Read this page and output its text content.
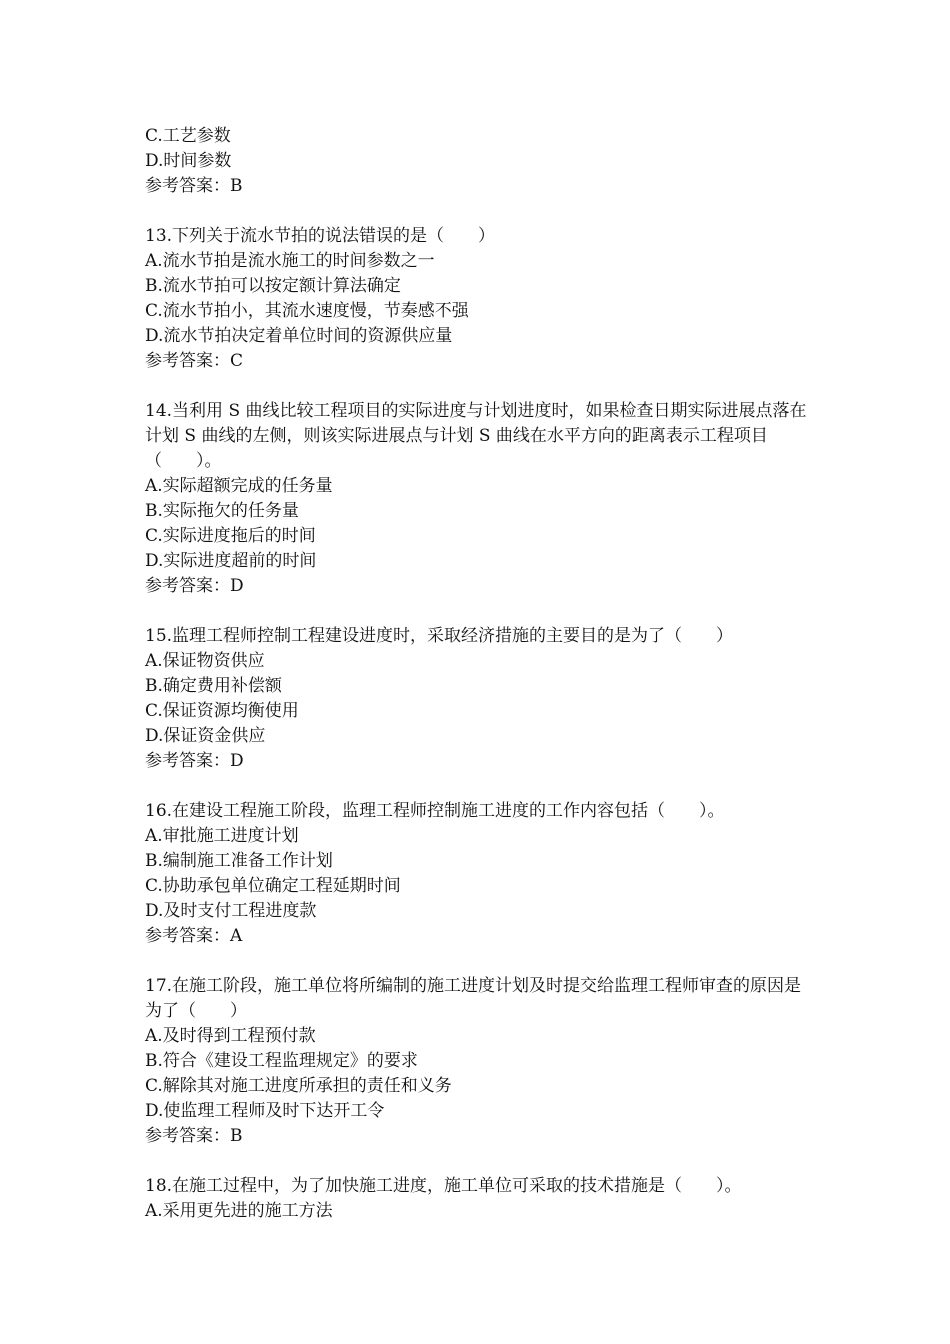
C.工艺参数
D.时间参数
参考答案：B
13.下列关于流水节拍的说法错误的是（　　）
A.流水节拍是流水施工的时间参数之一
B.流水节拍可以按定额计算法确定
C.流水节拍小，其流水速度慢，节奏感不强
D.流水节拍决定着单位时间的资源供应量
参考答案：C
14.当利用 S 曲线比较工程项目的实际进度与计划进度时，如果检查日期实际进展点落在计划 S 曲线的左侧，则该实际进展点与计划 S 曲线在水平方向的距离表示工程项目（　　）。
A.实际超额完成的任务量
B.实际拖欠的任务量
C.实际进度拖后的时间
D.实际进度超前的时间
参考答案：D
15.监理工程师控制工程建设进度时，采取经济措施的主要目的是为了（　　）
A.保证物资供应
B.确定费用补偿额
C.保证资源均衡使用
D.保证资金供应
参考答案：D
16.在建设工程施工阶段，监理工程师控制施工进度的工作内容包括（　　）。
A.审批施工进度计划
B.编制施工准备工作计划
C.协助承包单位确定工程延期时间
D.及时支付工程进度款
参考答案：A
17.在施工阶段，施工单位将所编制的施工进度计划及时提交给监理工程师审查的原因是为了（　　）
A.及时得到工程预付款
B.符合《建设工程监理规定》的要求
C.解除其对施工进度所承担的责任和义务
D.使监理工程师及时下达开工令
参考答案：B
18.在施工过程中，为了加快施工进度，施工单位可采取的技术措施是（　　）。
A.采用更先进的施工方法
